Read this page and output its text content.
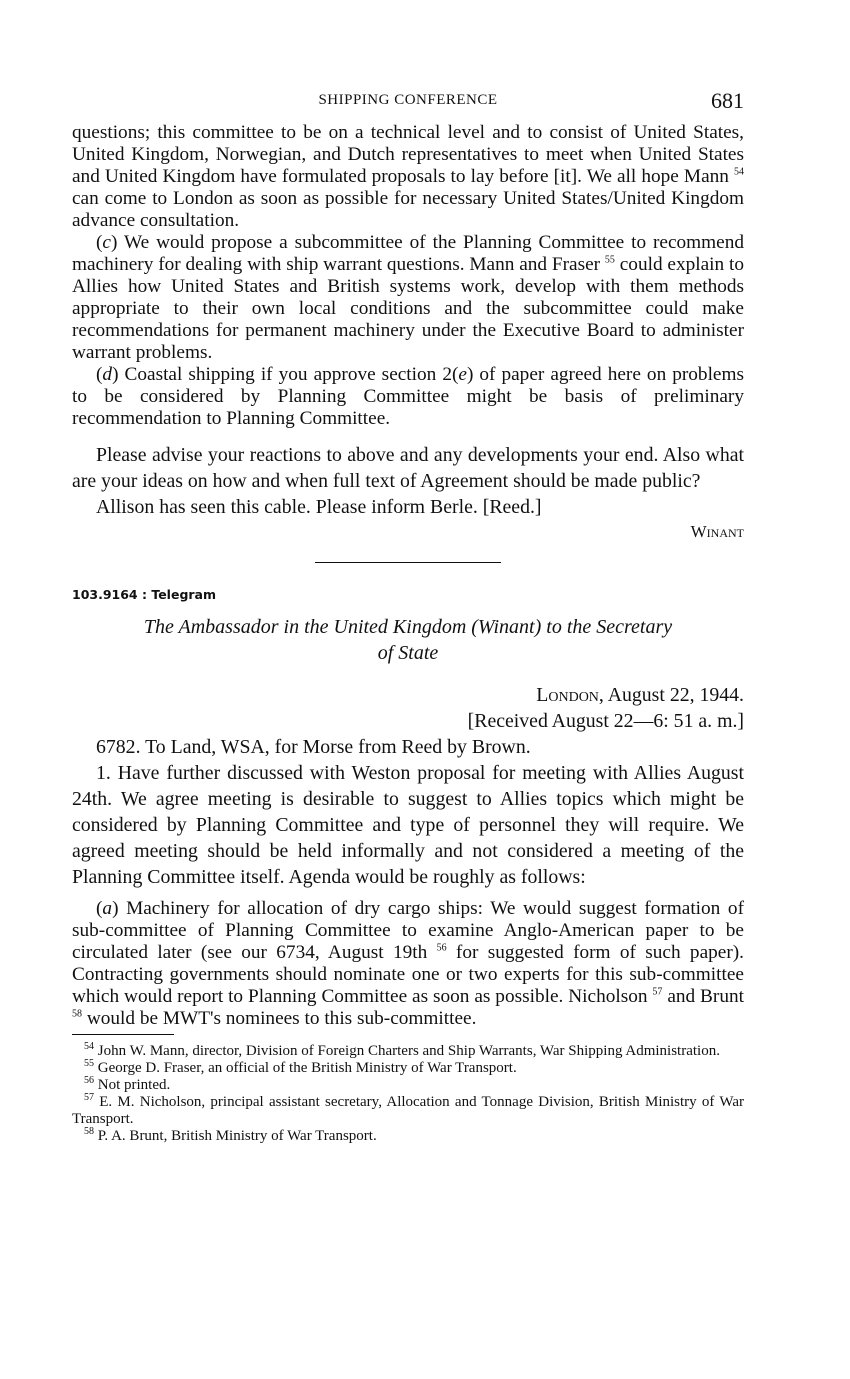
SHIPPING CONFERENCE	681

questions; this committee to be on a technical level and to consist of United States, United Kingdom, Norwegian, and Dutch representatives to meet when United States and United Kingdom have formulated proposals to lay before [it]. We all hope Mann $^{54}$ can come to London as soon as possible for necessary United States/United Kingdom advance consultation.

(c) We would propose a subcommittee of the Planning Committee to recommend machinery for dealing with ship warrant questions. Mann and Fraser $^{55}$ could explain to Allies how United States and British systems work, develop with them methods appropriate to their own local conditions and the subcommittee could make recommendations for permanent machinery under the Executive Board to administer warrant problems.

(d) Coastal shipping if you approve section 2(e) of paper agreed here on problems to be considered by Planning Committee might be basis of preliminary recommendation to Planning Committee.

Please advise your reactions to above and any developments your end. Also what are your ideas on how and when full text of Agreement should be made public?

Allison has seen this cable. Please inform Berle. [Reed.]

Winant
103.9164 : Telegram
The Ambassador in the United Kingdom (Winant) to the Secretary
of State
London, August 22, 1944.
[Received August 22—6: 51 a. m.]

6782. To Land, WSA, for Morse from Reed by Brown.

1. Have further discussed with Weston proposal for meeting with Allies August 24th. We agree meeting is desirable to suggest to Allies topics which might be considered by Planning Committee and type of personnel they will require. We agreed meeting should be held informally and not considered a meeting of the Planning Committee itself. Agenda would be roughly as follows:

(a) Machinery for allocation of dry cargo ships: We would suggest formation of sub-committee of Planning Committee to examine Anglo-American paper to be circulated later (see our 6734, August 19th $^{56}$ for suggested form of such paper). Contracting governments should nominate one or two experts for this sub-committee which would report to Planning Committee as soon as possible. Nicholson $^{57}$ and Brunt $^{58}$ would be MWT's nominees to this sub-committee.

$^{54}$ John W. Mann, director, Division of Foreign Charters and Ship Warrants, War Shipping Administration.

$^{55}$ George D. Fraser, an official of the British Ministry of War Transport.

$^{56}$ Not printed.

$^{57}$ E. M. Nicholson, principal assistant secretary, Allocation and Tonnage Division, British Ministry of War Transport.

$^{58}$ P. A. Brunt, British Ministry of War Transport.
